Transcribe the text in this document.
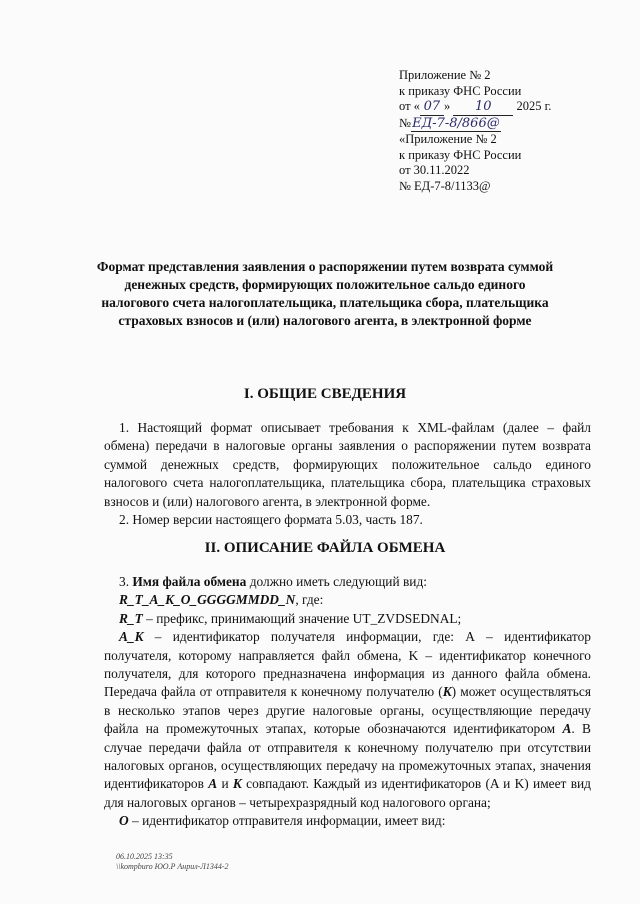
Приложение № 2
к приказу ФНС России
от « 07 » 10 2025 г.
№ЕД-7-8/866@
«Приложение № 2
к приказу ФНС России
от 30.11.2022
№ ЕД-7-8/1133@
Формат представления заявления о распоряжении путем возврата суммой денежных средств, формирующих положительное сальдо единого налогового счета налогоплательщика, плательщика сбора, плательщика страховых взносов и (или) налогового агента, в электронной форме
I. ОБЩИЕ СВЕДЕНИЯ

1. Настоящий формат описывает требования к XML-файлам (далее – файл обмена) передачи в налоговые органы заявления о распоряжении путем возврата суммой денежных средств, формирующих положительное сальдо единого налогового счета налогоплательщика, плательщика сбора, плательщика страховых взносов и (или) налогового агента, в электронной форме.

2. Номер версии настоящего формата 5.03, часть 187.

II. ОПИСАНИЕ ФАЙЛА ОБМЕНА

3. Имя файла обмена должно иметь следующий вид:

R_T_A_K_O_GGGGMMDD_N, где:

R_T – префикс, принимающий значение UT_ZVDSEDNAL;

A_K – идентификатор получателя информации, где: А – идентификатор получателя, которому направляется файл обмена, K – идентификатор конечного получателя, для которого предназначена информация из данного файла обмена. Передача файла от отправителя к конечному получателю (K) может осуществляться в несколько этапов через другие налоговые органы, осуществляющие передачу файла на промежуточных этапах, которые обозначаются идентификатором A. В случае передачи файла от отправителя к конечному получателю при отсутствии налоговых органов, осуществляющих передачу на промежуточных этапах, значения идентификаторов A и K совпадают. Каждый из идентификаторов (A и K) имеет вид для налоговых органов – четырехразрядный код налогового органа;

O – идентификатор отправителя информации, имеет вид:

06.10.2025 13:35
\\kompburo ЮО.Р Анрил-Л1344-2
